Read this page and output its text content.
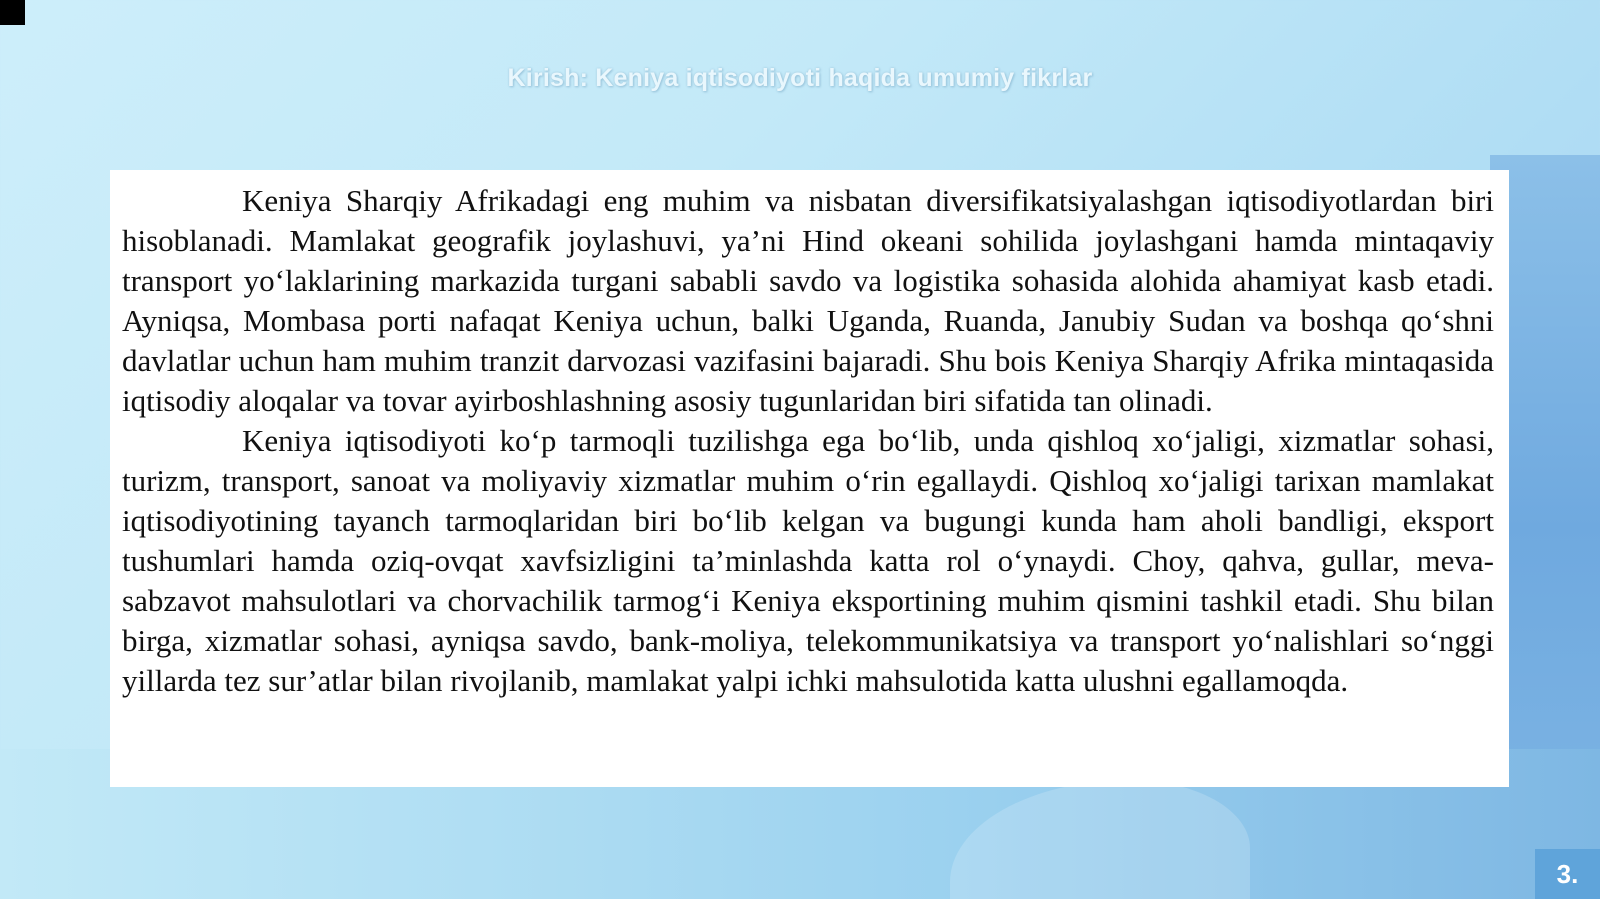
Kirish: Keniya iqtisodiyoti haqida umumiy fikrlar

Keniya Sharqiy Afrikadagi eng muhim va nisbatan diversifikatsiyalashgan iqtisodiyotlardan biri hisoblanadi. Mamlakat geografik joylashuvi, ya’ni Hind okeani sohilida joylashgani hamda mintaqaviy transport yo‘laklarining markazida turgani sababli savdo va logistika sohasida alohida ahamiyat kasb etadi. Ayniqsa, Mombasa porti nafaqat Keniya uchun, balki Uganda, Ruanda, Janubiy Sudan va boshqa qo‘shni davlatlar uchun ham muhim tranzit darvozasi vazifasini bajaradi. Shu bois Keniya Sharqiy Afrika mintaqasida iqtisodiy aloqalar va tovar ayirboshlashning asosiy tugunlaridan biri sifatida tan olinadi.

Keniya iqtisodiyoti ko‘p tarmoqli tuzilishga ega bo‘lib, unda qishloq xo‘jaligi, xizmatlar sohasi, turizm, transport, sanoat va moliyaviy xizmatlar muhim o‘rin egallaydi. Qishloq xo‘jaligi tarixan mamlakat iqtisodiyotining tayanch tarmoqlaridan biri bo‘lib kelgan va bugungi kunda ham aholi bandligi, eksport tushumlari hamda oziq-ovqat xavfsizligini ta’minlashda katta rol o‘ynaydi. Choy, qahva, gullar, meva-sabzavot mahsulotlari va chorvachilik tarmog‘i Keniya eksportining muhim qismini tashkil etadi. Shu bilan birga, xizmatlar sohasi, ayniqsa savdo, bank-moliya, telekommunikatsiya va transport yo‘nalishlari so‘nggi yillarda tez sur’atlar bilan rivojlanib, mamlakat yalpi ichki mahsulotida katta ulushni egallamoqda.

3.
